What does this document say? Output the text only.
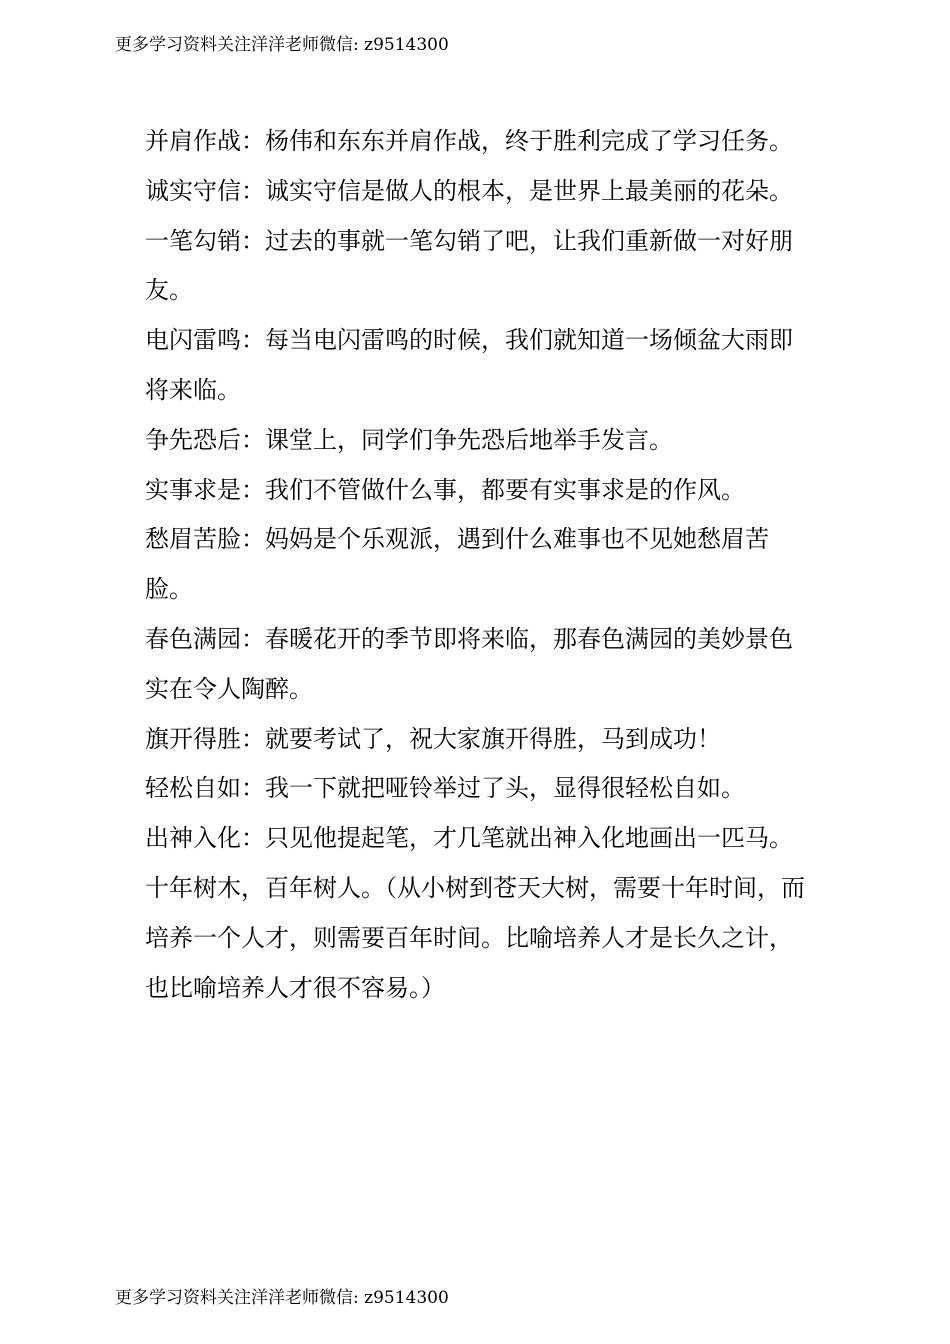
更多学习资料关注洋洋老师微信: z9514300

并肩作战：杨伟和东东并肩作战，终于胜利完成了学习任务。

诚实守信：诚实守信是做人的根本，是世界上最美丽的花朵。

一笔勾销：过去的事就一笔勾销了吧，让我们重新做一对好朋友。

电闪雷鸣：每当电闪雷鸣的时候，我们就知道一场倾盆大雨即将来临。

争先恐后：课堂上，同学们争先恐后地举手发言。

实事求是：我们不管做什么事，都要有实事求是的作风。

愁眉苦脸：妈妈是个乐观派，遇到什么难事也不见她愁眉苦脸。

春色满园：春暖花开的季节即将来临，那春色满园的美妙景色实在令人陶醉。

旗开得胜：就要考试了，祝大家旗开得胜，马到成功！

轻松自如：我一下就把哑铃举过了头，显得很轻松自如。

出神入化：只见他提起笔，才几笔就出神入化地画出一匹马。

十年树木，百年树人。（从小树到苍天大树，需要十年时间，而培养一个人才，则需要百年时间。比喻培养人才是长久之计，也比喻培养人才很不容易。）

更多学习资料关注洋洋老师微信: z9514300
